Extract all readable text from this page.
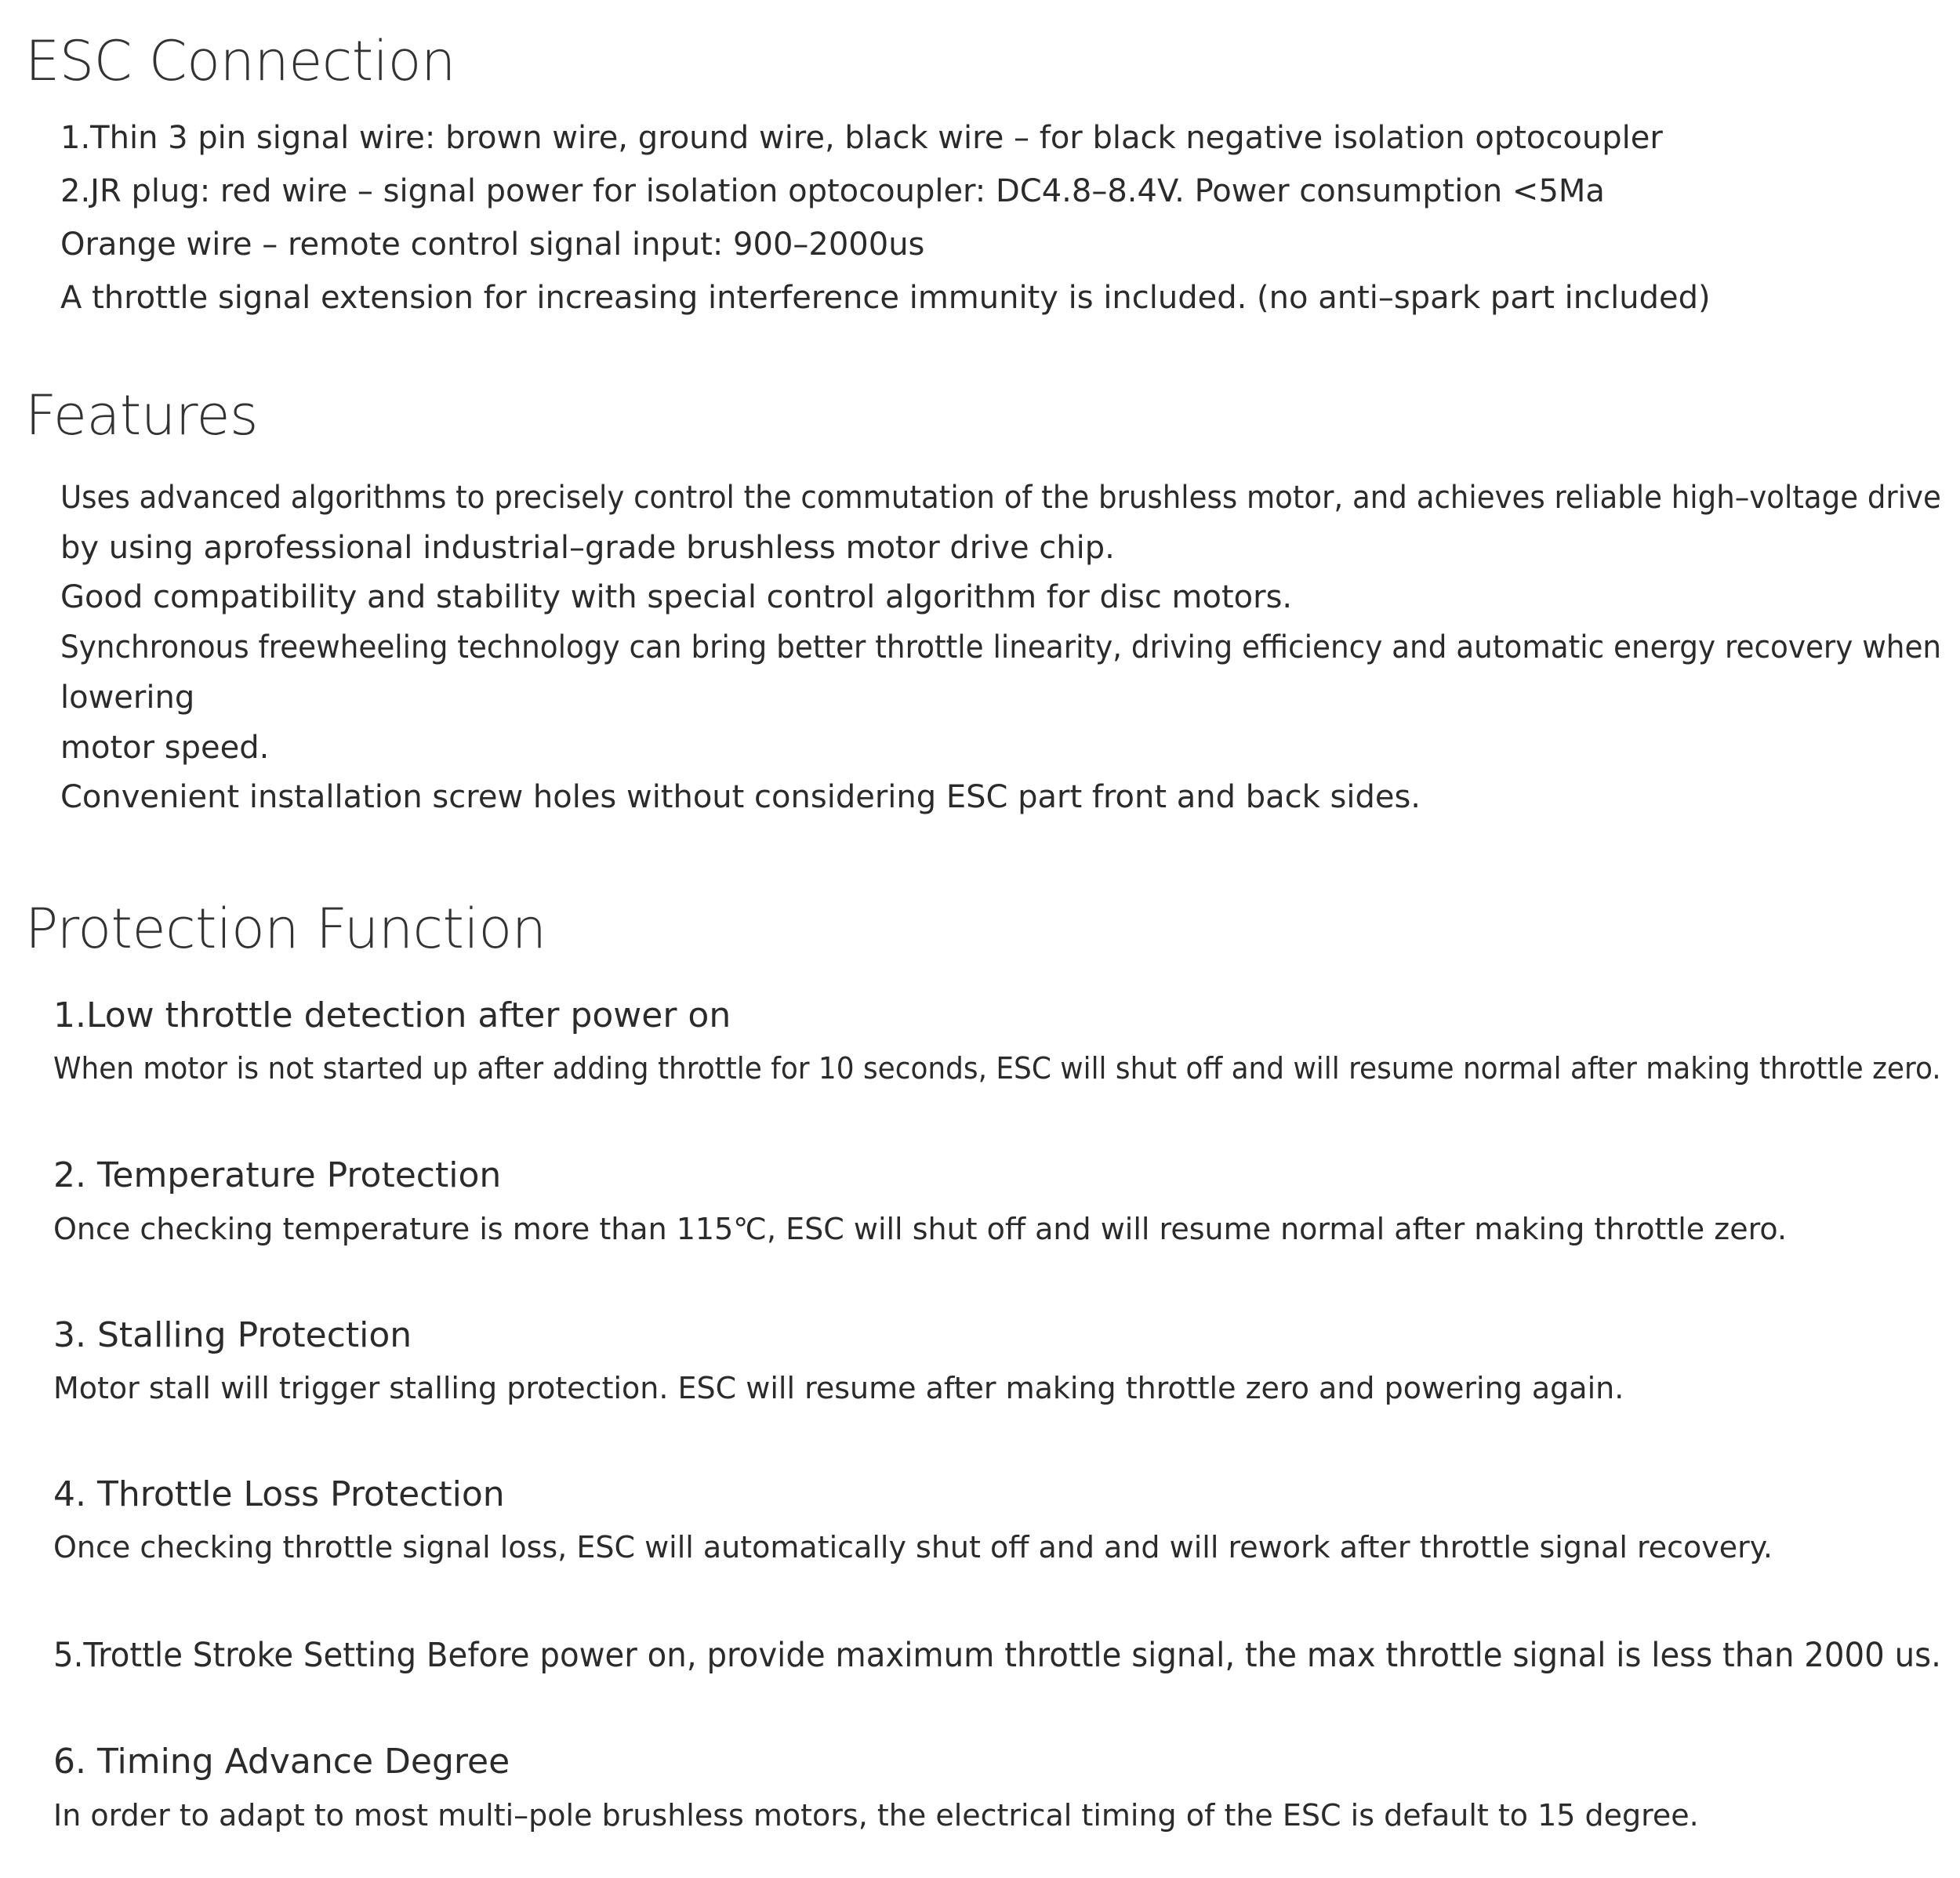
ESC Connection

1.Thin 3 pin signal wire: brown wire, ground wire, black wire – for black negative isolation optocoupler

2.JR plug: red wire – signal power for isolation optocoupler: DC4.8–8.4V. Power consumption <5Ma

Orange wire – remote control signal input: 900–2000us

A throttle signal extension for increasing interference immunity is included. (no anti–spark part included)

Features

Uses advanced algorithms to precisely control the commutation of the brushless motor, and achieves reliable high–voltage drive

by using aprofessional industrial–grade brushless motor drive chip.

Good compatibility and stability with special control algorithm for disc motors.

Synchronous freewheeling technology can bring better throttle linearity, driving efficiency and automatic energy recovery when

lowering

motor speed.

Convenient installation screw holes without considering ESC part front and back sides.

Protection Function

1.Low throttle detection after power on

When motor is not started up after adding throttle for 10 seconds, ESC will shut off and will resume normal after making throttle zero.

2. Temperature Protection

Once checking temperature is more than 115℃, ESC will shut off and will resume normal after making throttle zero.

3. Stalling Protection

Motor stall will trigger stalling protection. ESC will resume after making throttle zero and powering again.

4. Throttle Loss Protection

Once checking throttle signal loss, ESC will automatically shut off and and will rework after throttle signal recovery.

5.Trottle Stroke Setting Before power on, provide maximum throttle signal, the max throttle signal is less than 2000 us.

6. Timing Advance Degree

In order to adapt to most multi–pole brushless motors, the electrical timing of the ESC is default to 15 degree.
